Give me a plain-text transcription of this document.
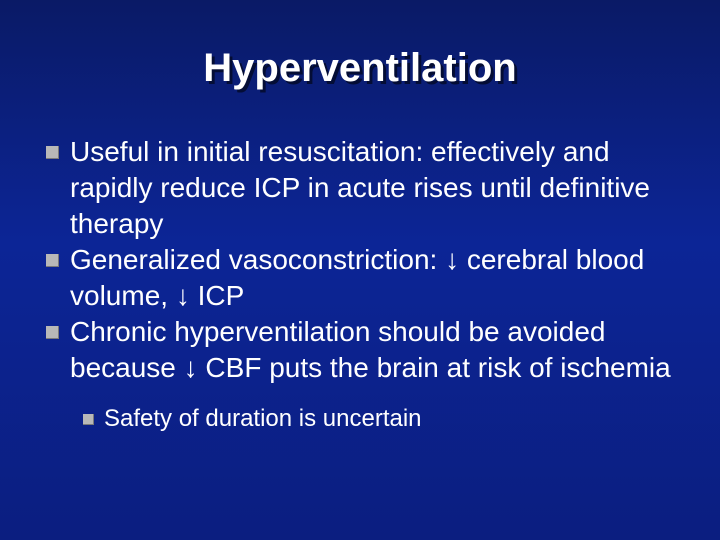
Hyperventilation
Useful in initial resuscitation: effectively and rapidly reduce ICP in acute rises until definitive therapy
Generalized vasoconstriction: ↓ cerebral blood volume, ↓ ICP
Chronic hyperventilation should be avoided because ↓ CBF puts the brain at risk of ischemia
Safety of duration is uncertain
